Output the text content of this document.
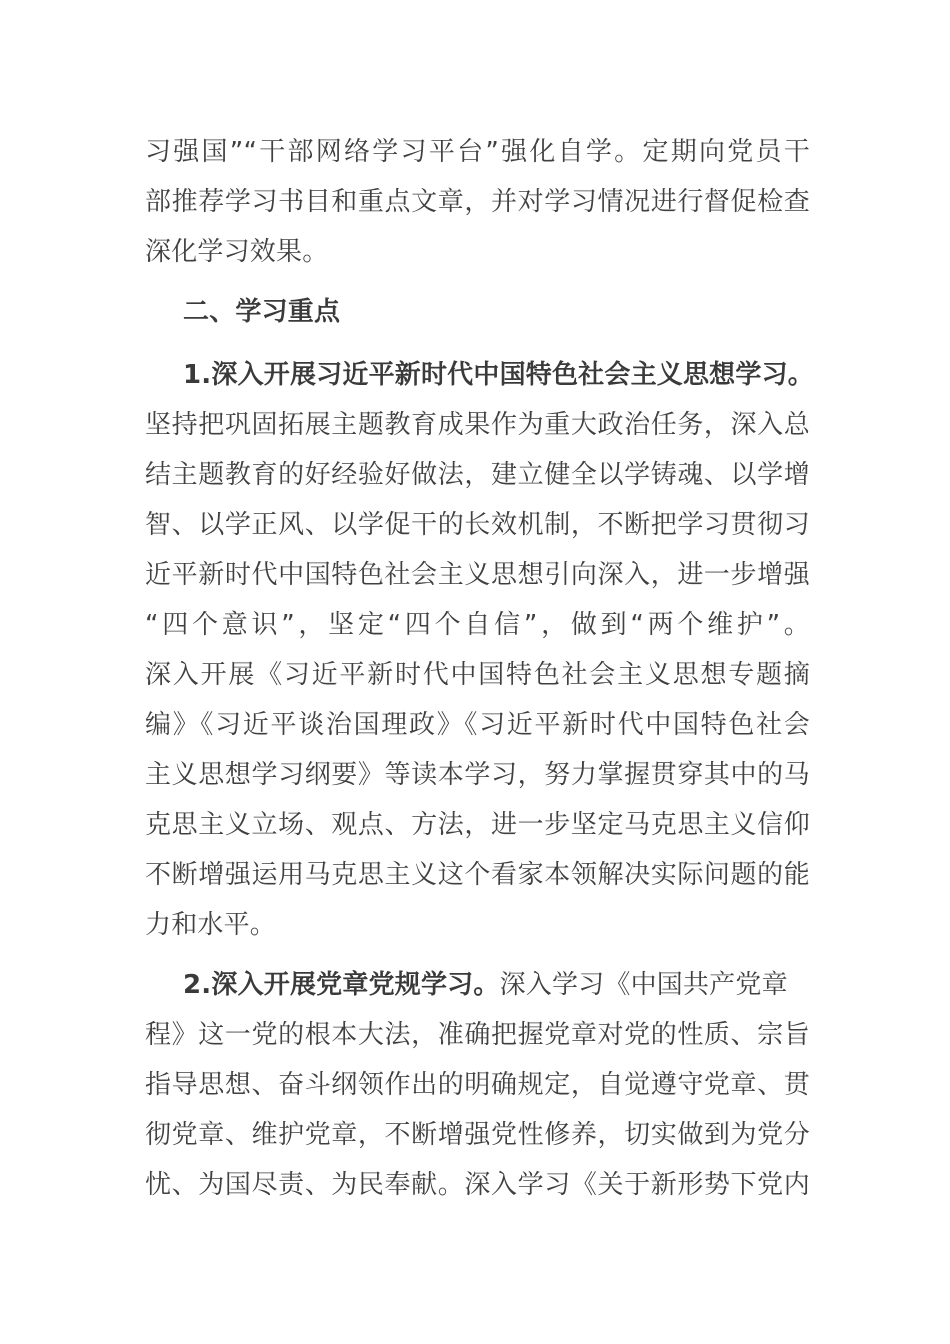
习强国”“干部网络学习平台”强化自学。定期向党员干
部推荐学习书目和重点文章，并对学习情况进行督促检查
深化学习效果。
二、学习重点
1.深入开展习近平新时代中国特色社会主义思想学习。
坚持把巩固拓展主题教育成果作为重大政治任务，深入总
结主题教育的好经验好做法，建立健全以学铸魂、以学增
智、以学正风、以学促干的长效机制，不断把学习贯彻习
近平新时代中国特色社会主义思想引向深入，进一步增强
“四个意识”，坚定“四个自信”，做到“两个维护”。
深入开展《习近平新时代中国特色社会主义思想专题摘
编》《习近平谈治国理政》《习近平新时代中国特色社会
主义思想学习纲要》等读本学习，努力掌握贯穿其中的马
克思主义立场、观点、方法，进一步坚定马克思主义信仰
不断增强运用马克思主义这个看家本领解决实际问题的能
力和水平。
2.深入开展党章党规学习。深入学习《中国共产党章
程》这一党的根本大法，准确把握党章对党的性质、宗旨
指导思想、奋斗纲领作出的明确规定，自觉遵守党章、贯
彻党章、维护党章，不断增强党性修养，切实做到为党分
忧、为国尽责、为民奉献。深入学习《关于新形势下党内
